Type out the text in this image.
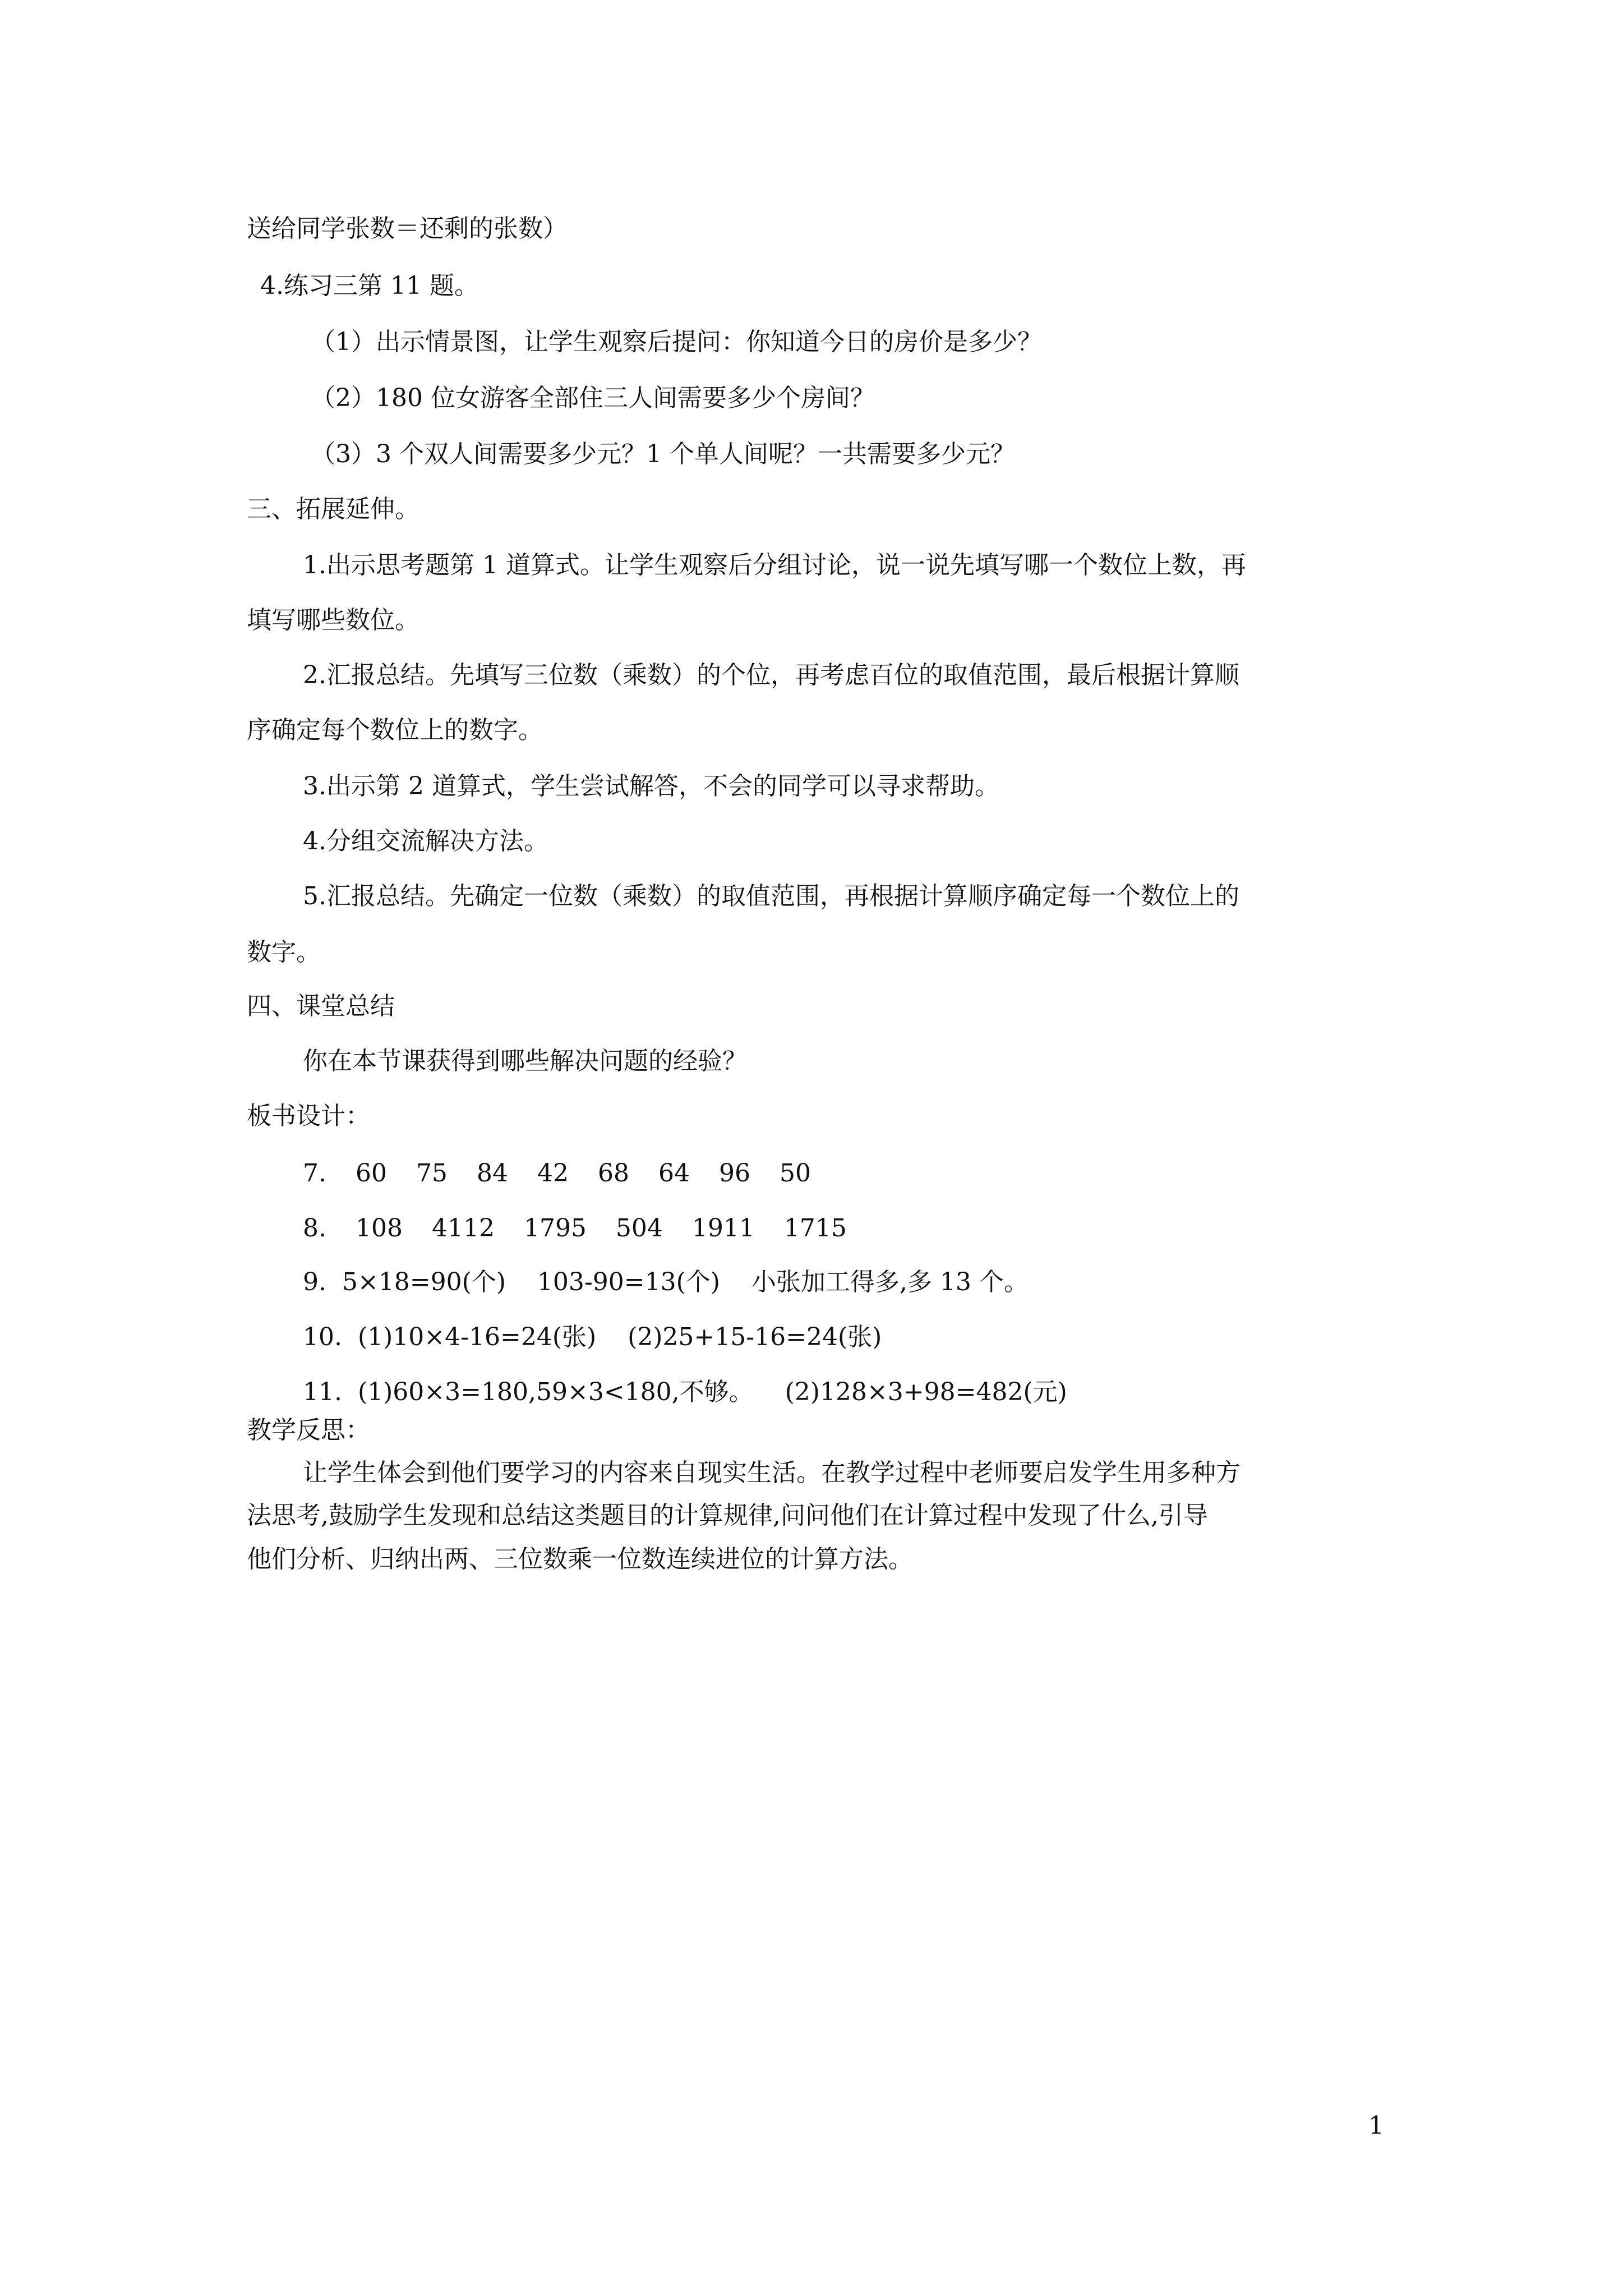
送给同学张数＝还剩的张数）
4.练习三第 11 题。
（1）出示情景图，让学生观察后提问：你知道今日的房价是多少？
（2）180 位女游客全部住三人间需要多少个房间？
（3）3 个双人间需要多少元？1 个单人间呢？一共需要多少元？
三、拓展延伸。
1.出示思考题第 1 道算式。让学生观察后分组讨论，说一说先填写哪一个数位上数，再
填写哪些数位。
2.汇报总结。先填写三位数（乘数）的个位，再考虑百位的取值范围，最后根据计算顺
序确定每个数位上的数字。
3.出示第 2 道算式，学生尝试解答，不会的同学可以寻求帮助。
4.分组交流解决方法。
5.汇报总结。先确定一位数（乘数）的取值范围，再根据计算顺序确定每一个数位上的
数字。
四、课堂总结
你在本节课获得到哪些解决问题的经验？
板书设计：
7. 60 75 84 42 68 64 96 50
8. 108 4112 1795 504 1911 1715
9.  5×18=90(个)    103-90=13(个)    小张加工得多,多 13 个。
10.  (1)10×4-16=24(张)    (2)25+15-16=24(张)
11.  (1)60×3=180,59×3<180,不够。    (2)128×3+98=482(元)
教学反思：
让学生体会到他们要学习的内容来自现实生活。在教学过程中老师要启发学生用多种方
法思考,鼓励学生发现和总结这类题目的计算规律,问问他们在计算过程中发现了什么,引导
他们分析、归纳出两、三位数乘一位数连续进位的计算方法。
1
